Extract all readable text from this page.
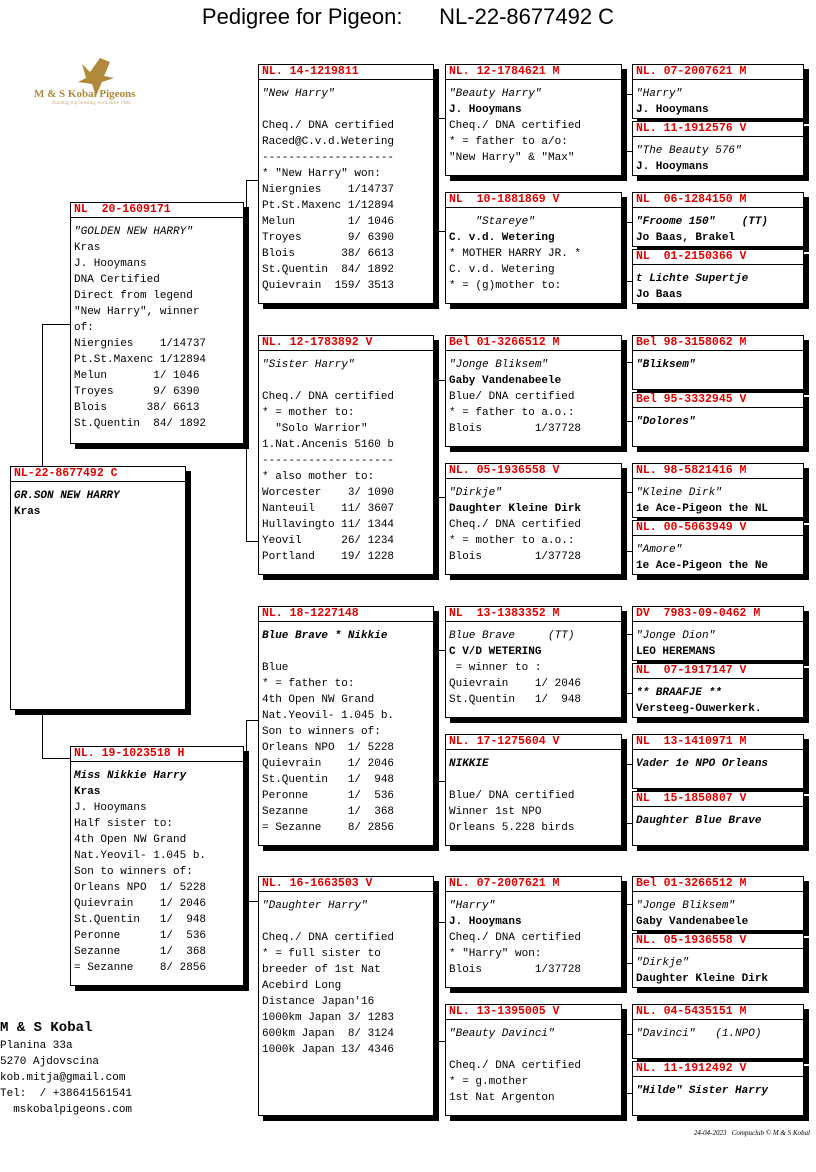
Pedigree for Pigeon:      NL-22-8677492 C
M & S Kobal Pigeons
Building top breeding stock since 1980
NL-22-8677492 C
GR.SON NEW HARRY
Kras
NL  20-1609171
"GOLDEN NEW HARRY"
Kras
J. Hooymans
DNA Certified
Direct from legend
"New Harry", winner
of:
Niergnies    1/14737
Pt.St.Maxenc 1/12894
Melun       1/ 1046
Troyes      9/ 6390
Blois      38/ 6613
St.Quentin  84/ 1892
NL. 19-1023518 H
Miss Nikkie Harry
Kras
J. Hooymans
Half sister to:
4th Open NW Grand
Nat.Yeovil- 1.045 b.
Son to winners of:
Orleans NPO  1/ 5228
Quievrain    1/ 2046
St.Quentin   1/  948
Peronne      1/  536
Sezanne      1/  368
= Sezanne    8/ 2856
NL. 14-1219811
"New Harry"
Cheq./ DNA certified
Raced@C.v.d.Wetering
--------------------
* "New Harry" won:
Niergnies    1/14737
Pt.St.Maxenc 1/12894
Melun        1/ 1046
Troyes       9/ 6390
Blois       38/ 6613
St.Quentin  84/ 1892
Quievrain  159/ 3513
NL. 12-1783892 V
"Sister Harry"
Cheq./ DNA certified
* = mother to:
"Solo Warrior"
1.Nat.Ancenis 5160 b
--------------------
* also mother to:
Worcester    3/ 1090
Nanteuil    11/ 3607
Hullavingto 11/ 1344
Yeovil      26/ 1234
Portland    19/ 1228
NL. 18-1227148
Blue Brave * Nikkie
Blue
* = father to:
4th Open NW Grand
Nat.Yeovil- 1.045 b.
Son to winners of:
Orleans NPO  1/ 5228
Quievrain    1/ 2046
St.Quentin   1/  948
Peronne      1/  536
Sezanne      1/  368
= Sezanne    8/ 2856
NL. 16-1663503 V
"Daughter Harry"
Cheq./ DNA certified
* = full sister to
breeder of 1st Nat
Acebird Long
Distance Japan'16
1000km Japan 3/ 1283
600km Japan  8/ 3124
1000k Japan 13/ 4346
NL. 12-1784621 M
"Beauty Harry"
J. Hooymans
Cheq./ DNA certified
* = father to a/o:
"New Harry" & "Max"
NL  10-1881869 V
"Stareye"
C. v.d. Wetering
* MOTHER HARRY JR. *
C. v.d. Wetering
* = (g)mother to:
Bel 01-3266512 M
"Jonge Bliksem"
Gaby Vandenabeele
Blue/ DNA certified
* = father to a.o.:
Blois        1/37728
NL. 05-1936558 V
"Dirkje"
Daughter Kleine Dirk
Cheq./ DNA certified
* = mother to a.o.:
Blois        1/37728
NL  13-1383352 M
Blue Brave     (TT)
C V/D WETERING
= winner to :
Quievrain    1/ 2046
St.Quentin   1/  948
NL. 17-1275604 V
NIKKIE
Blue/ DNA certified
Winner 1st NPO
Orleans 5.228 birds
NL. 07-2007621 M
"Harry"
J. Hooymans
Cheq./ DNA certified
* "Harry" won:
Blois        1/37728
NL. 13-1395005 V
"Beauty Davinci"
Cheq./ DNA certified
* = g.mother
1st Nat Argenton
NL. 07-2007621 M
"Harry"
J. Hooymans
NL. 11-1912576 V
"The Beauty 576"
J. Hooymans
NL  06-1284150 M
"Froome 150"    (TT)
Jo Baas, Brakel
NL  01-2150366 V
t Lichte Supertje
Jo Baas
Bel 98-3158062 M
"Bliksem"
Bel 95-3332945 V
"Dolores"
NL. 98-5821416 M
"Kleine Dirk"
1e Ace-Pigeon the NL
NL. 00-5063949 V
"Amore"
1e Ace-Pigeon the Ne
DV  7983-09-0462 M
"Jonge Dion"
LEO HEREMANS
NL  07-1917147 V
** BRAAFJE **
Versteeg-Ouwerkerk.
NL  13-1410971 M
Vader 1e NPO Orleans
NL  15-1850807 V
Daughter Blue Brave
Bel 01-3266512 M
"Jonge Bliksem"
Gaby Vandenabeele
NL. 05-1936558 V
"Dirkje"
Daughter Kleine Dirk
NL. 04-5435151 M
"Davinci"   (1.NPO)
NL. 11-1912492 V
"Hilde" Sister Harry
M & S Kobal
Planina 33a
5270 Ajdovscina
kob.mitja@gmail.com
Tel:  / +38641561541
mskobalpigeons.com
24-04-2023   Compuclub © M & S Kobal
